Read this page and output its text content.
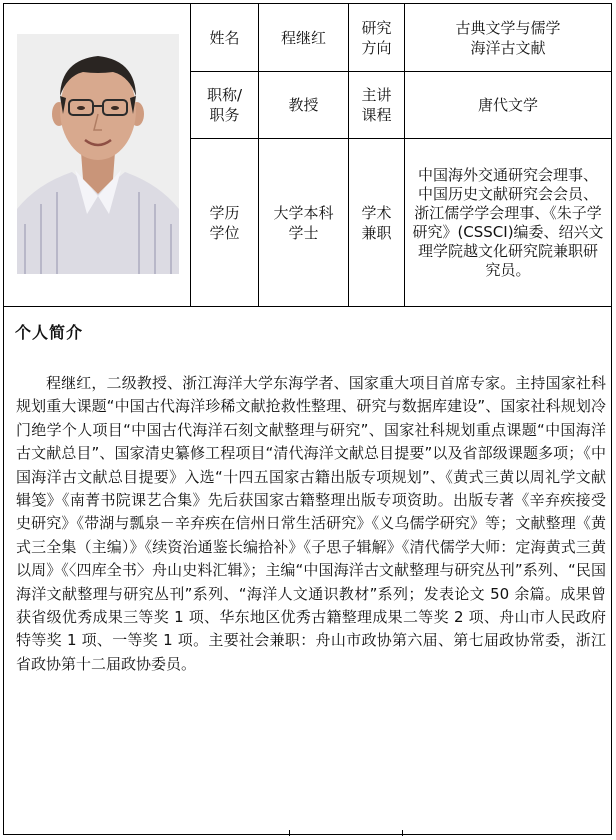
姓名	程继红
研究
方向
古典文学与儒学
海洋古文献
职称/
职务
教授
主讲
课程
唐代文学
学历
学位
大学本科
学士
学术
兼职
中国海外交通研究会理事、中国历史文献研究会会员、浙江儒学学会理事、《朱子学研究》(CSSCI)编委、绍兴文理学院越文化研究院兼职研究员。
个人简介
程继红，二级教授、浙江海洋大学东海学者、国家重大项目首席专家。主持国家社科规划重大课题“中国古代海洋珍稀文献抢救性整理、研究与数据库建设”、国家社科规划冷门绝学个人项目“中国古代海洋石刻文献整理与研究”、国家社科规划重点课题“中国海洋古文献总目”、国家清史纂修工程项目“清代海洋文献总目提要”以及省部级课题多项；《中国海洋古文献总目提要》入选“十四五国家古籍出版专项规划”、《黄式三黄以周礼学文献辑笺》《南菁书院课艺合集》先后获国家古籍整理出版专项资助。出版专著《辛弃疾接受史研究》《带湖与瓢泉－辛弃疾在信州日常生活研究》《义乌儒学研究》等；文献整理《黄式三全集（主编）》《续资治通鉴长编拾补》《子思子辑解》《清代儒学大师：定海黄式三黄以周》《〈四库全书〉舟山史料汇辑》；主编“中国海洋古文献整理与研究丛刊”系列、“民国海洋文献整理与研究丛刊”系列、“海洋人文通识教材”系列；发表论文 50 余篇。成果曾获省级优秀成果三等奖 1 项、华东地区优秀古籍整理成果二等奖 2 项、舟山市人民政府特等奖 1 项、一等奖 1 项。主要社会兼职：舟山市政协第六届、第七届政协常委，浙江省政协第十二届政协委员。
